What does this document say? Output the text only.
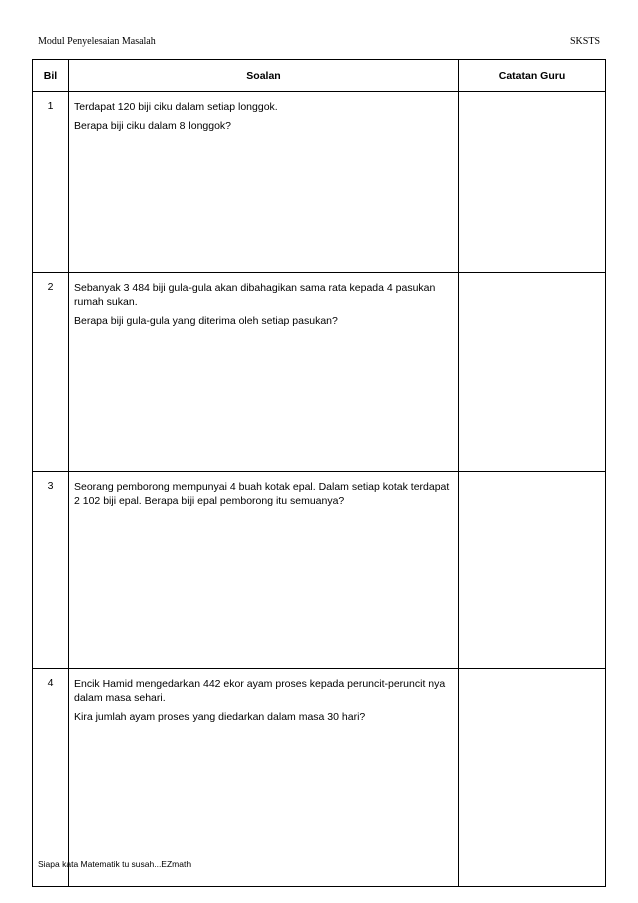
Modul Penyelesaian Masalah	SKSTS
Bil	Soalan	Catatan Guru
1	Terdapat 120 biji ciku dalam setiap longgok.

Berapa biji ciku dalam 8 longgok?	

2	Sebanyak 3 484 biji gula-gula akan dibahagikan sama rata kepada 4 pasukan rumah sukan.

Berapa biji gula-gula yang diterima oleh setiap pasukan?	

3	Seorang pemborong mempunyai 4 buah kotak epal. Dalam setiap kotak terdapat 2 102 biji epal. Berapa biji epal pemborong itu semuanya?	

4	Encik Hamid mengedarkan 442 ekor ayam proses kepada peruncit-peruncit nya dalam masa sehari.

Kira jumlah ayam proses yang diedarkan dalam masa 30 hari?	

Siapa kata Matematik tu susah...EZmath
